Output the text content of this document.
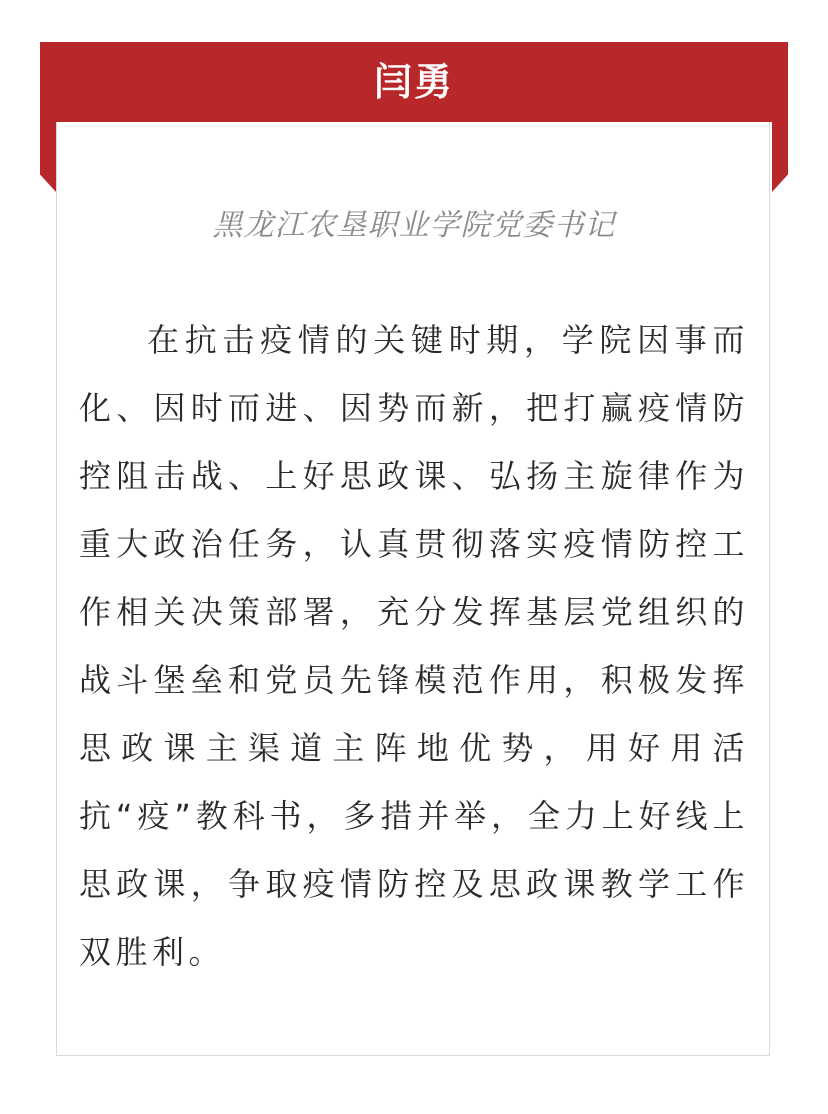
黑龙江农垦职业学院党委书记

在抗击疫情的关键时期，学院因事而化、因时而进、因势而新，把打赢疫情防控阻击战、上好思政课、弘扬主旋律作为重大政治任务，认真贯彻落实疫情防控工作相关决策部署，充分发挥基层党组织的战斗堡垒和党员先锋模范作用，积极发挥思政课主渠道主阵地优势，用好用活抗“疫”教科书，多措并举，全力上好线上思政课，争取疫情防控及思政课教学工作双胜利。

闫勇
